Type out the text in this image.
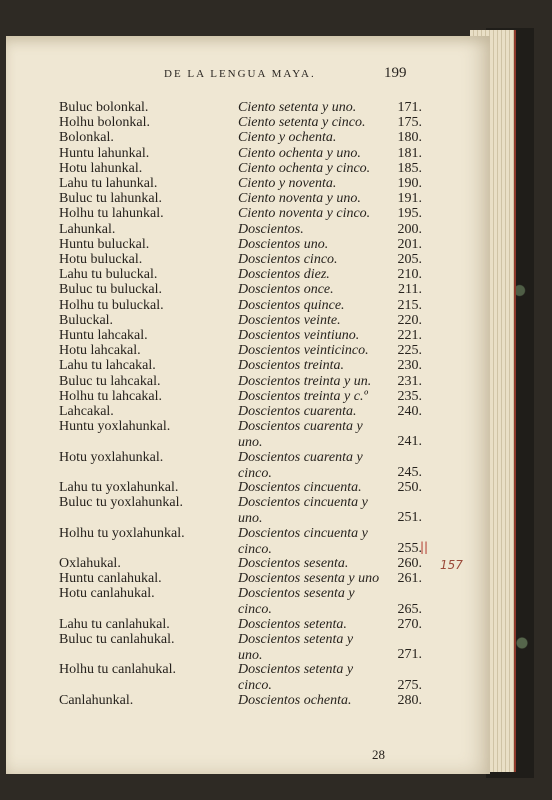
DE LA LENGUA MAYA.	199
Buluc bolonkal.	Ciento setenta y uno.	171.
Holhu bolonkal.	Ciento setenta y cinco.	175.
Bolonkal.	Ciento y ochenta.	180.
Huntu lahunkal.	Ciento ochenta y uno.	181.
Hotu lahunkal.	Ciento ochenta y cinco.	185.
Lahu tu lahunkal.	Ciento y noventa.	190.
Buluc tu lahunkal.	Ciento noventa y uno.	191.
Holhu tu lahunkal.	Ciento noventa y cinco.	195.
Lahunkal.	Doscientos.	200.
Huntu buluckal.	Doscientos uno.	201.
Hotu buluckal.	Doscientos cinco.	205.
Lahu tu buluckal.	Doscientos diez.	210.
Buluc tu buluckal.	Doscientos once.	211.
Holhu tu buluckal.	Doscientos quince.	215.
Buluckal.	Doscientos veinte.	220.
Huntu lahcakal.	Doscientos veintiuno.	221.
Hotu lahcakal.	Doscientos veinticinco.	225.
Lahu tu lahcakal.	Doscientos treinta.	230.
Buluc tu lahcakal.	Doscientos treinta y un.	231.
Holhu tu lahcakal.	Doscientos treinta y c.º	235.
Lahcakal.	Doscientos cuarenta.	240.
Huntu yoxlahunkal.	Doscientos cuarenta y
uno.	241.
Hotu yoxlahunkal.	Doscientos cuarenta y
cinco.	245.
Lahu tu yoxlahunkal.	Doscientos cincuenta.	250.
Buluc tu yoxlahunkal.	Doscientos cincuenta y
uno.	251.
Holhu tu yoxlahunkal.	Doscientos cincuenta y
cinco.	255.
Oxlahukal.	Doscientos sesenta.	260.
Huntu canlahukal.	Doscientos sesenta y uno	261.
Hotu canlahukal.	Doscientos sesenta y
cinco.	265.
Lahu tu canlahukal.	Doscientos setenta.	270.
Buluc tu canlahukal.	Doscientos setenta y
uno.	271.
Holhu tu canlahukal.	Doscientos setenta y
cinco.	275.
Canlahunkal.	Doscientos ochenta.	280.
||
157
28
